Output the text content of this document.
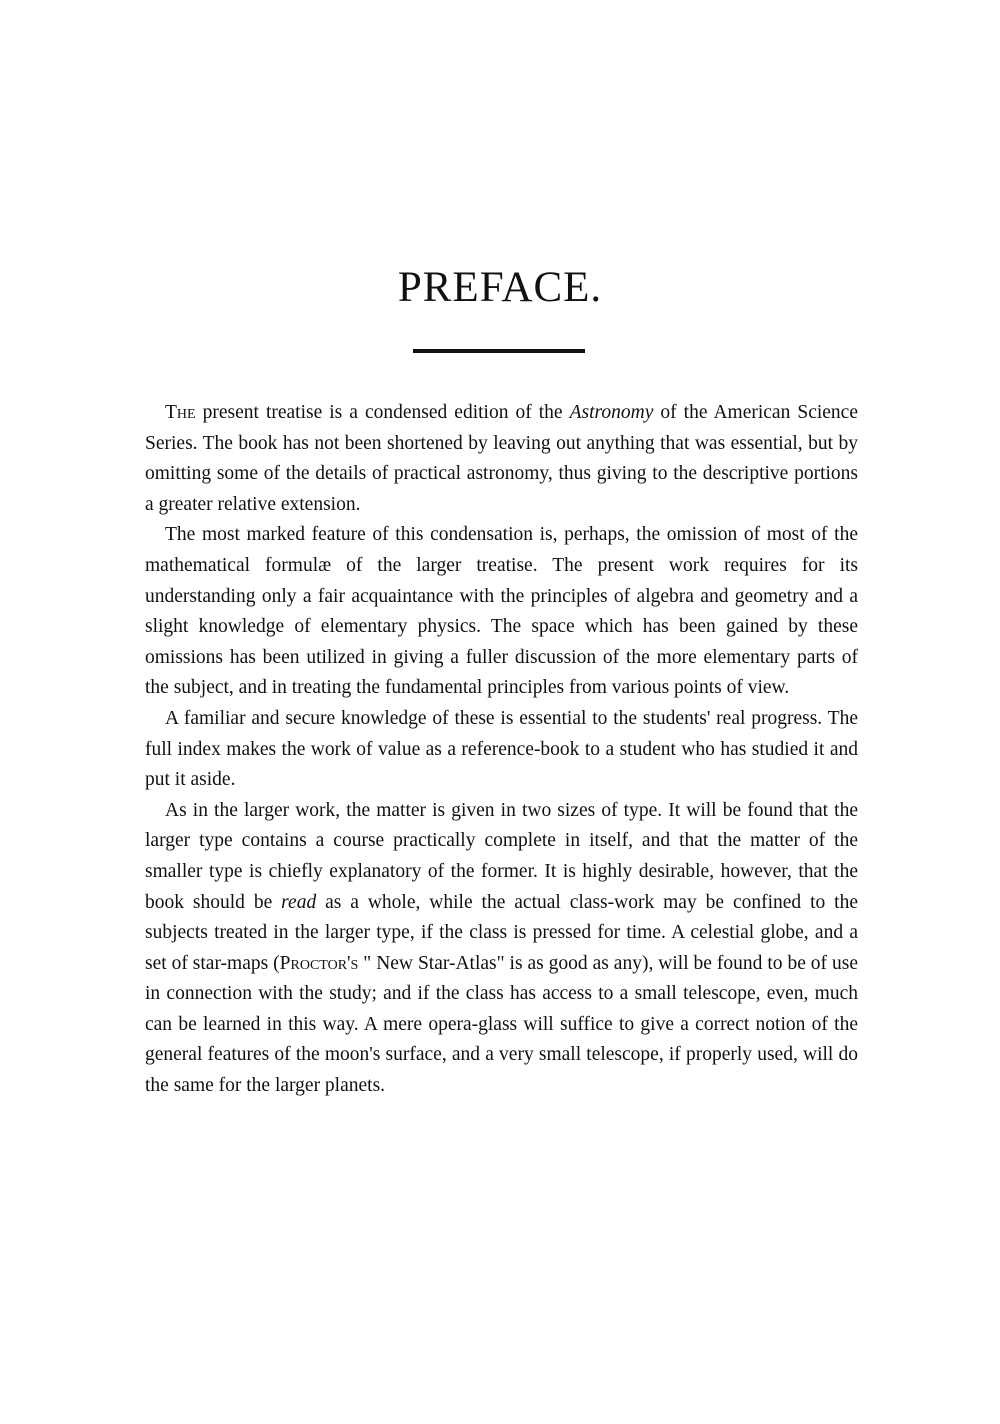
PREFACE.

The present treatise is a condensed edition of the Astronomy of the American Science Series. The book has not been shortened by leaving out anything that was essential, but by omitting some of the details of practical astronomy, thus giving to the descriptive portions a greater relative extension.

The most marked feature of this condensation is, perhaps, the omission of most of the mathematical formulæ of the larger treatise. The present work requires for its understanding only a fair acquaintance with the principles of algebra and geometry and a slight knowledge of elementary physics. The space which has been gained by these omissions has been utilized in giving a fuller discussion of the more elementary parts of the subject, and in treating the fundamental principles from various points of view.

A familiar and secure knowledge of these is essential to the students' real progress. The full index makes the work of value as a reference-book to a student who has studied it and put it aside.

As in the larger work, the matter is given in two sizes of type. It will be found that the larger type contains a course practically complete in itself, and that the matter of the smaller type is chiefly explanatory of the former. It is highly desirable, however, that the book should be read as a whole, while the actual class-work may be confined to the subjects treated in the larger type, if the class is pressed for time. A celestial globe, and a set of star-maps (Proctor's " New Star-Atlas" is as good as any), will be found to be of use in connection with the study; and if the class has access to a small telescope, even, much can be learned in this way. A mere opera-glass will suffice to give a correct notion of the general features of the moon's surface, and a very small telescope, if properly used, will do the same for the larger planets.
